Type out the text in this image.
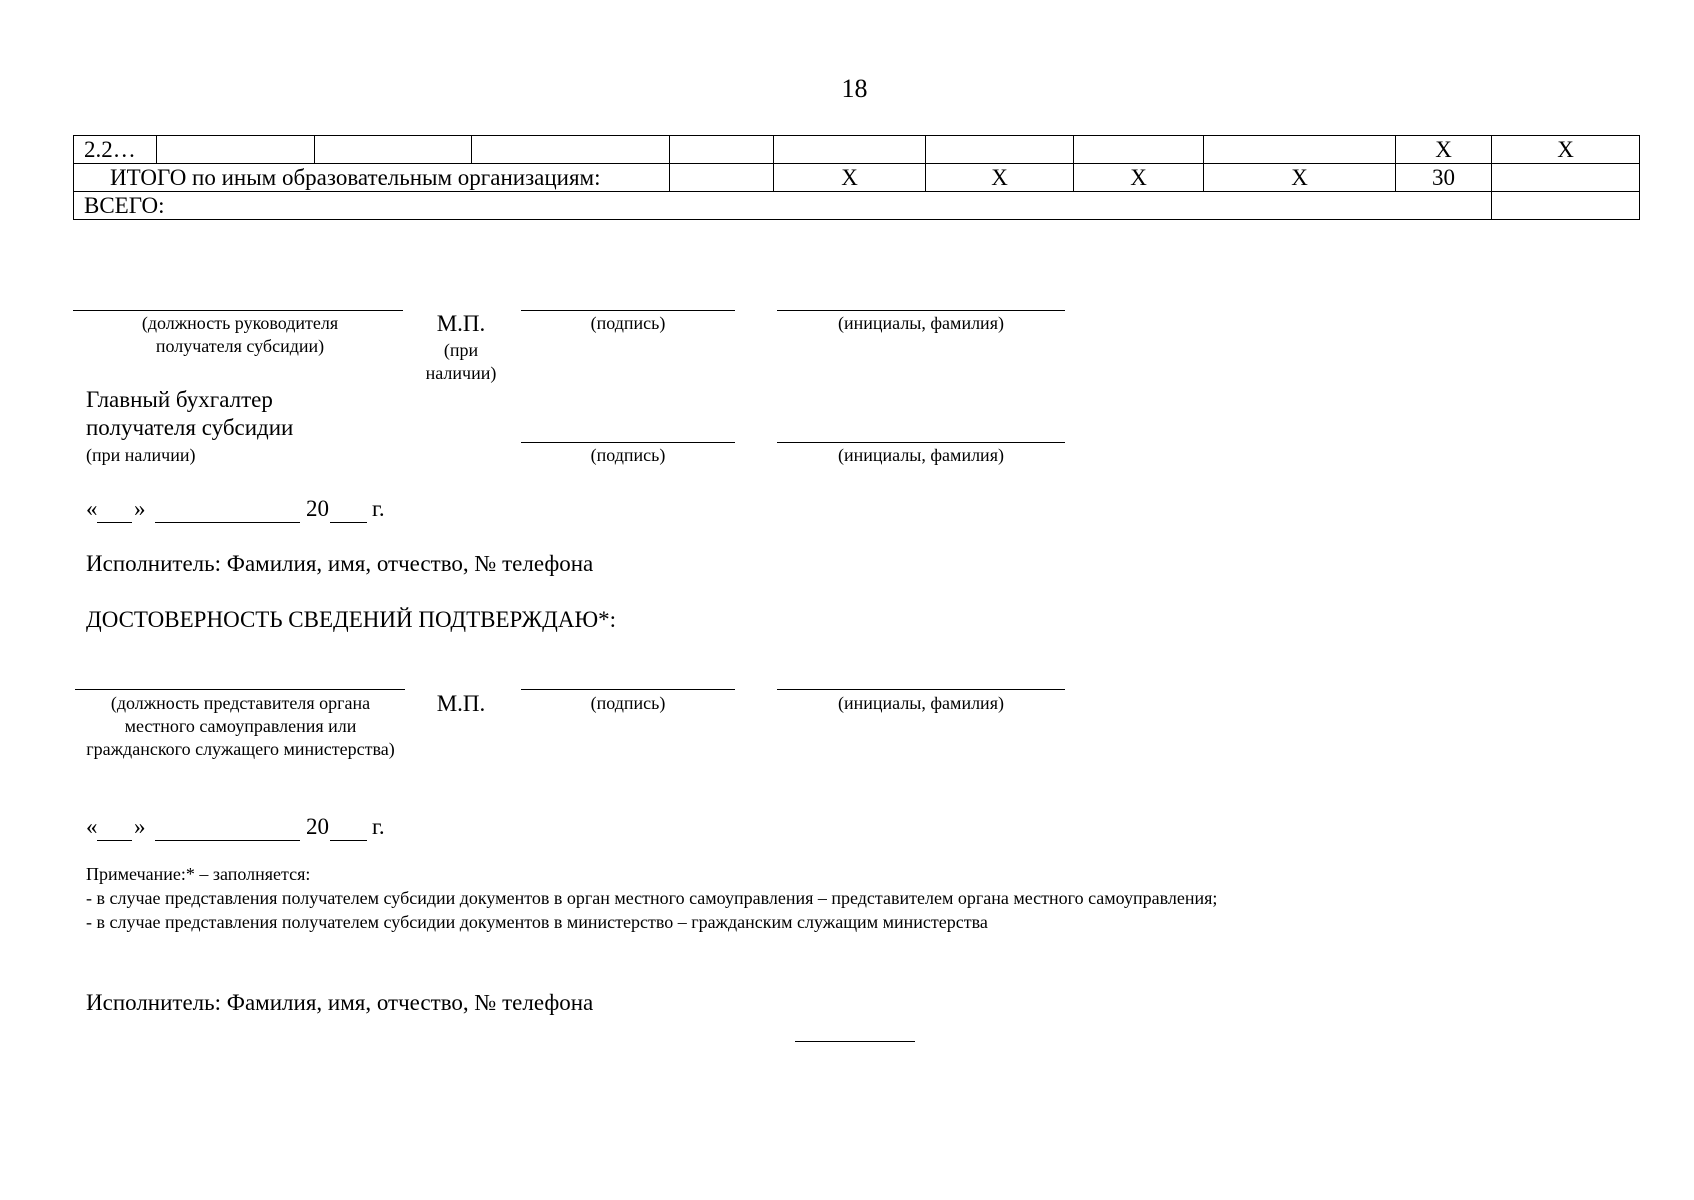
18
2.2…									X	X
ИТОГО по иным образовательным организациям:					X	X	X	X	30	
ВСЕГО:										
(должность руководителя получателя субсидии)
М.П.
(при наличии)
(подпись)	(инициалы, фамилия)
Главный бухгалтер
получателя субсидии
(при наличии)	(подпись)	(инициалы, фамилия)
« »	20 г.
Исполнитель: Фамилия, имя, отчество, № телефона
ДОСТОВЕРНОСТЬ СВЕДЕНИЙ ПОДТВЕРЖДАЮ*:
(должность представителя органа местного самоуправления или гражданского служащего министерства)
М.П.	(подпись)	(инициалы, фамилия)
« »	20 г.
Примечание:* – заполняется:
- в случае представления получателем субсидии документов в орган местного самоуправления – представителем органа местного самоуправления;
- в случае представления получателем субсидии документов в министерство – гражданским служащим министерства
Исполнитель: Фамилия, имя, отчество, № телефона
